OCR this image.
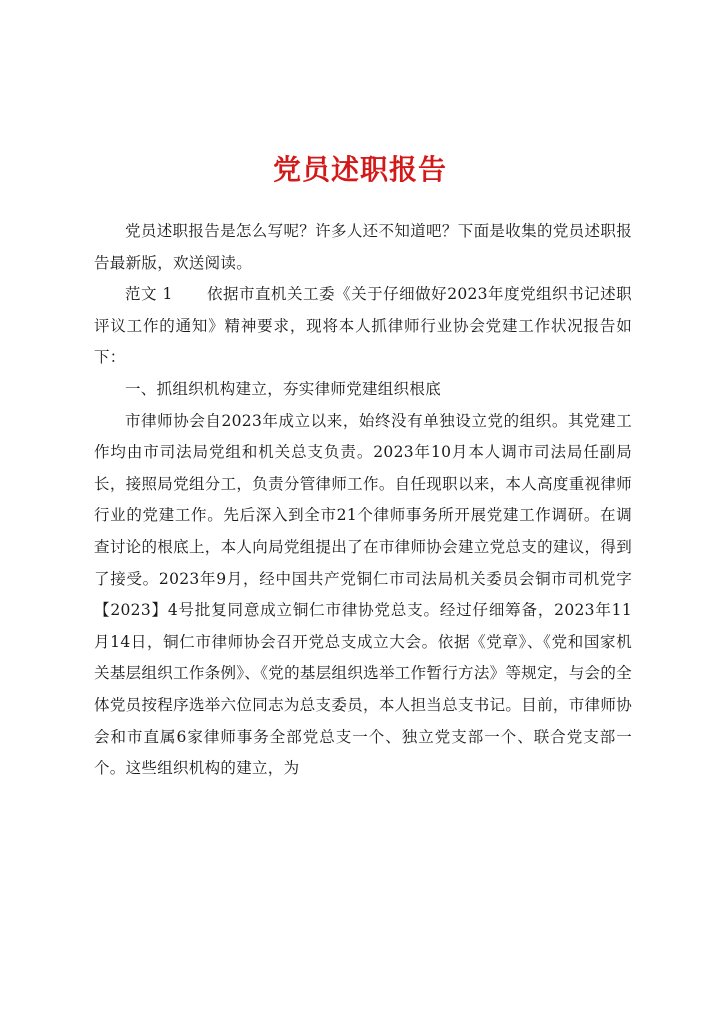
党员述职报告

党员述职报告是怎么写呢？许多人还不知道吧？下面是收集的党员述职报告最新版，欢送阅读。

范文 1 依据市直机关工委《关于仔细做好2023年度党组织书记述职评议工作的通知》精神要求，现将本人抓律师行业协会党建工作状况报告如下：

一、抓组织机构建立，夯实律师党建组织根底

市律师协会自2023年成立以来，始终没有单独设立党的组织。其党建工作均由市司法局党组和机关总支负责。2023年10月本人调市司法局任副局长，接照局党组分工，负责分管律师工作。自任现职以来，本人高度重视律师行业的党建工作。先后深入到全市21个律师事务所开展党建工作调研。在调查讨论的根底上，本人向局党组提出了在市律师协会建立党总支的建议，得到了接受。2023年9月，经中国共产党铜仁市司法局机关委员会铜市司机党字【2023】4号批复同意成立铜仁市律协党总支。经过仔细筹备，2023年11月14日，铜仁市律师协会召开党总支成立大会。依据《党章》、《党和国家机关基层组织工作条例》、《党的基层组织选举工作暂行方法》等规定，与会的全体党员按程序选举六位同志为总支委员，本人担当总支书记。目前，市律师协会和市直属6家律师事务全部党总支一个、独立党支部一个、联合党支部一个。这些组织机构的建立，为
